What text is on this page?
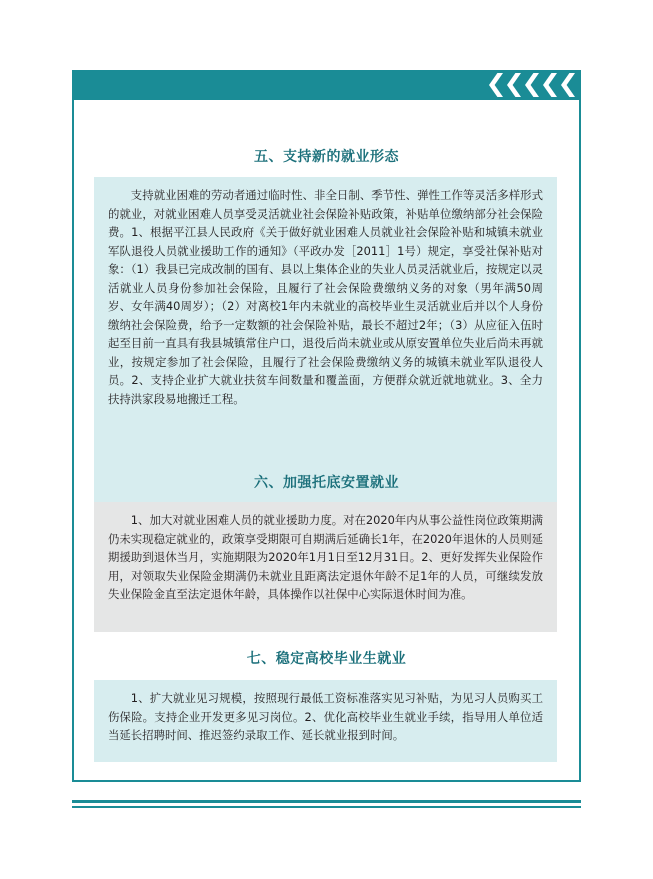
五、支持新的就业形态

支持就业困难的劳动者通过临时性、非全日制、季节性、弹性工作等灵活多样形式的就业，对就业困难人员享受灵活就业社会保险补贴政策，补贴单位缴纳部分社会保险费。1、根据平江县人民政府《关于做好就业困难人员就业社会保险补贴和城镇未就业军队退役人员就业援助工作的通知》（平政办发［2011］1号）规定，享受社保补贴对象：（1）我县已完成改制的国有、县以上集体企业的失业人员灵活就业后，按规定以灵活就业人员身份参加社会保险，且履行了社会保险费缴纳义务的对象（男年满50周岁、女年满40周岁）；（2）对离校1年内未就业的高校毕业生灵活就业后并以个人身份缴纳社会保险费，给予一定数额的社会保险补贴，最长不超过2年；（3）从应征入伍时起至目前一直具有我县城镇常住户口，退役后尚未就业或从原安置单位失业后尚未再就业，按规定参加了社会保险，且履行了社会保险费缴纳义务的城镇未就业军队退役人员。2、支持企业扩大就业扶贫车间数量和覆盖面，方便群众就近就地就业。3、全力扶持洪家段易地搬迁工程。

六、加强托底安置就业

1、加大对就业困难人员的就业援助力度。对在2020年内从事公益性岗位政策期满仍未实现稳定就业的，政策享受期限可自期满后延确长1年，在2020年退休的人员则延期援助到退休当月，实施期限为2020年1月1日至12月31日。2、更好发挥失业保险作用，对领取失业保险金期满仍未就业且距离法定退休年龄不足1年的人员，可继续发放失业保险金直至法定退休年龄，具体操作以社保中心实际退休时间为准。

七、稳定高校毕业生就业

1、扩大就业见习规模，按照现行最低工资标准落实见习补贴，为见习人员购买工伤保险。支持企业开发更多见习岗位。2、优化高校毕业生就业手续，指导用人单位适当延长招聘时间、推迟签约录取工作、延长就业报到时间。
